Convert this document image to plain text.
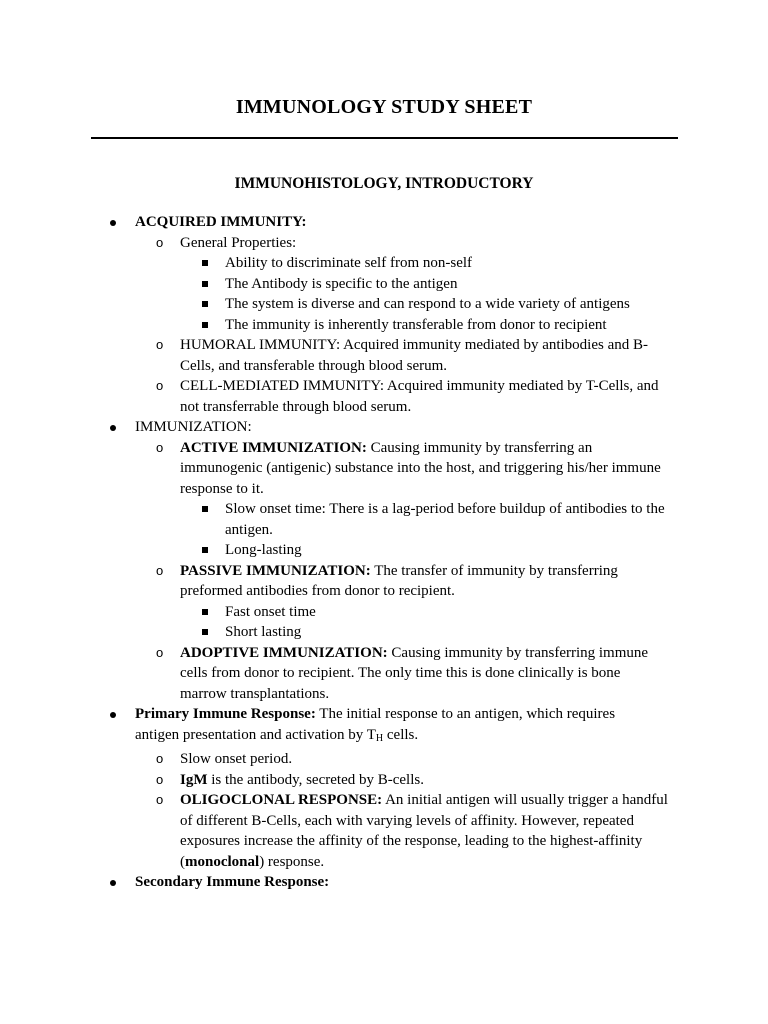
IMMUNOLOGY STUDY SHEET
IMMUNOHISTOLOGY, INTRODUCTORY
ACQUIRED IMMUNITY:
o General Properties:
Ability to discriminate self from non-self
The Antibody is specific to the antigen
The system is diverse and can respond to a wide variety of antigens
The immunity is inherently transferable from donor to recipient
o HUMORAL IMMUNITY: Acquired immunity mediated by antibodies and B-Cells, and transferable through blood serum.
o CELL-MEDIATED IMMUNITY: Acquired immunity mediated by T-Cells, and not transferrable through blood serum.
IMMUNIZATION:
o ACTIVE IMMUNIZATION: Causing immunity by transferring an immunogenic (antigenic) substance into the host, and triggering his/her immune response to it.
Slow onset time: There is a lag-period before buildup of antibodies to the antigen.
Long-lasting
o PASSIVE IMMUNIZATION: The transfer of immunity by transferring preformed antibodies from donor to recipient.
Fast onset time
Short lasting
o ADOPTIVE IMMUNIZATION: Causing immunity by transferring immune cells from donor to recipient. The only time this is done clinically is bone marrow transplantations.
Primary Immune Response: The initial response to an antigen, which requires antigen presentation and activation by $T_H$ cells.
o Slow onset period.
o IgM is the antibody, secreted by B-cells.
o OLIGOCLONAL RESPONSE: An initial antigen will usually trigger a handful of different B-Cells, each with varying levels of affinity. However, repeated exposures increase the affinity of the response, leading to the highest-affinity (monoclonal) response.
Secondary Immune Response:
